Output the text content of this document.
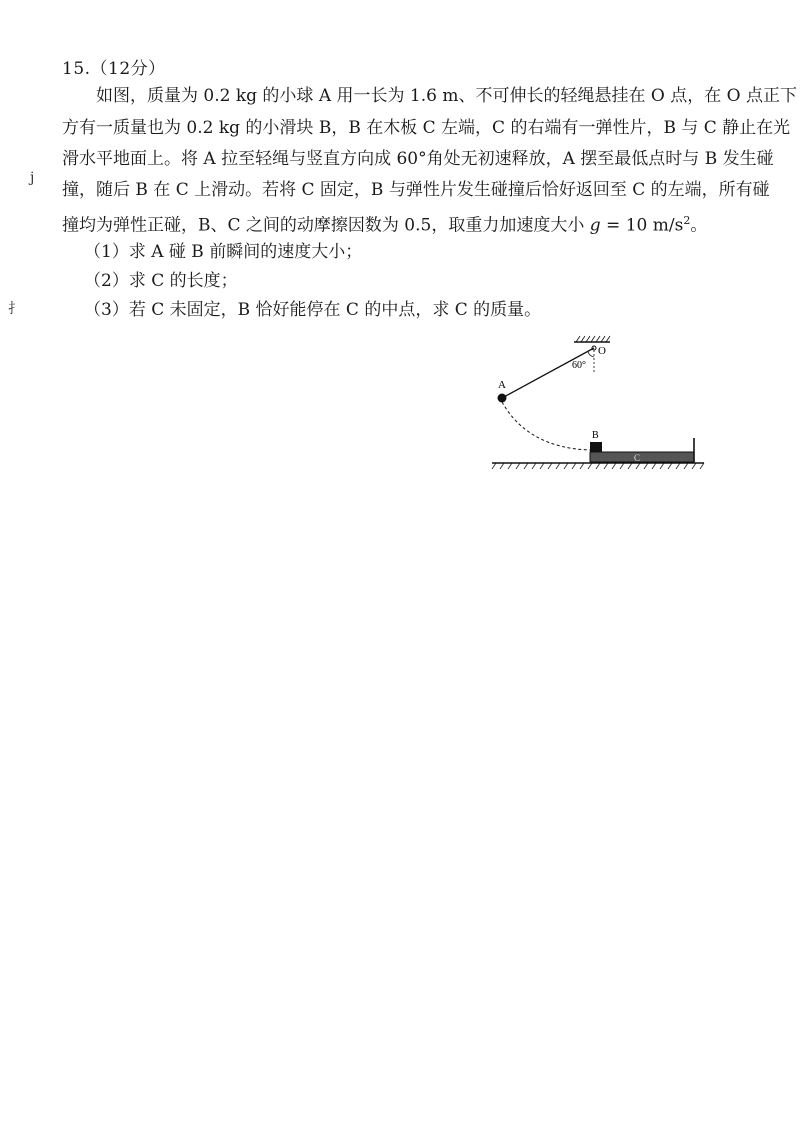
15.（12分）
如图，质量为 0.2 kg 的小球 A 用一长为 1.6 m、不可伸长的轻绳悬挂在 O 点，在 O 点正下
方有一质量也为 0.2 kg 的小滑块 B，B 在木板 C 左端，C 的右端有一弹性片，B 与 C 静止在光
滑水平地面上。将 A 拉至轻绳与竖直方向成 60°角处无初速释放，A 摆至最低点时与 B 发生碰
撞，随后 B 在 C 上滑动。若将 C 固定，B 与弹性片发生碰撞后恰好返回至 C 的左端，所有碰
撞均为弹性正碰，B、C 之间的动摩擦因数为 0.5，取重力加速度大小 g = 10 $m/s^2$。
（1）求 A 碰 B 前瞬间的速度大小；
（2）求 C 的长度；
（3）若 C 未固定，B 恰好能停在 C 的中点，求 C 的质量。
j
扌
O
60°
A
B
C
